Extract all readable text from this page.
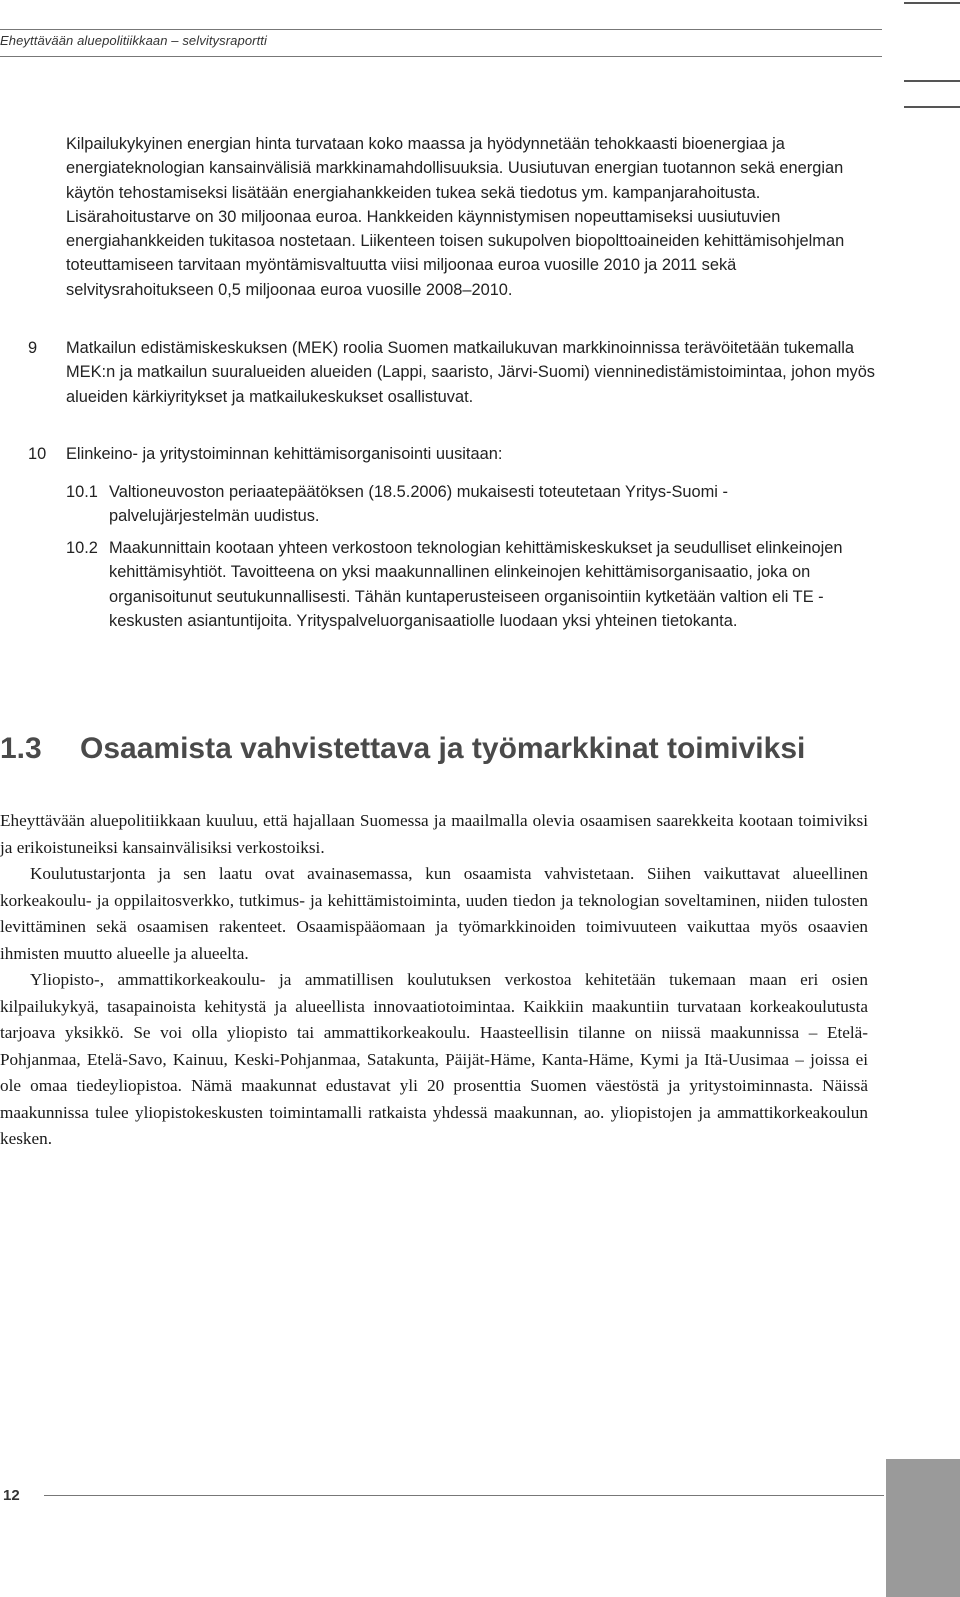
Eheyttävään aluepolitiikkaan – selvitysraportti
Kilpailukykyinen energian hinta turvataan koko maassa ja hyödynnetään tehokkaasti bioenergiaa ja energiateknologian kansainvälisiä markkinamahdollisuuksia. Uusiutuvan energian tuotannon sekä energian käytön tehostamiseksi lisätään energiahankkeiden tukea sekä tiedotus ym. kampanjarahoitusta. Lisärahoitustarve on 30 miljoonaa euroa. Hankkeiden käynnistymisen nopeuttamiseksi uusiutuvien energiahankkeiden tukitasoa nostetaan. Liikenteen toisen sukupolven biopolttoaineiden kehittämisohjelman toteuttamiseen tarvitaan myöntämisvaltuutta viisi miljoonaa euroa vuosille 2010 ja 2011 sekä selvitysrahoitukseen 0,5 miljoonaa euroa vuosille 2008–2010.
9	Matkailun edistämiskeskuksen (MEK) roolia Suomen matkailukuvan markkinoinnissa terävöitetään tukemalla MEK:n ja matkailun suuralueiden alueiden (Lappi, saaristo, Järvi-Suomi) vienninedistämistoimintaa, johon myös alueiden kärkiyritykset ja matkailukeskukset osallistuvat.
10	Elinkeino- ja yritystoiminnan kehittämisorganisointi uusitaan:
10.1 Valtioneuvoston periaatepäätöksen (18.5.2006) mukaisesti toteutetaan Yritys-Suomi -palvelujärjestelmän uudistus.
10.2 Maakunnittain kootaan yhteen verkostoon teknologian kehittämiskeskukset ja seudulliset elinkeinojen kehittämisyhtiöt. Tavoitteena on yksi maakunnallinen elinkeinojen kehittämisorganisaatio, joka on organisoitunut seutukunnallisesti. Tähän kuntaperusteiseen organisointiin kytketään valtion eli TE -keskusten asiantuntijoita. Yrityspalveluorganisaatiolle luodaan yksi yhteinen tietokanta.
1.3	Osaamista vahvistettava ja työmarkkinat toimiviksi

Eheyttävään aluepolitiikkaan kuuluu, että hajallaan Suomessa ja maailmalla olevia osaamisen saarekkeita kootaan toimiviksi ja erikoistuneiksi kansainvälisiksi verkostoiksi.

Koulutustarjonta ja sen laatu ovat avainasemassa, kun osaamista vahvistetaan. Siihen vaikuttavat alueellinen korkeakoulu- ja oppilaitosverkko, tutkimus- ja kehittämistoiminta, uuden tiedon ja teknologian soveltaminen, niiden tulosten levittäminen sekä osaamisen rakenteet. Osaamispääomaan ja työmarkkinoiden toimivuuteen vaikuttaa myös osaavien ihmisten muutto alueelle ja alueelta.

Yliopisto-, ammattikorkeakoulu- ja ammatillisen koulutuksen verkostoa kehitetään tukemaan maan eri osien kilpailukykyä, tasapainoista kehitystä ja alueellista innovaatiotoimintaa. Kaikkiin maakuntiin turvataan korkeakoulutusta tarjoava yksikkö. Se voi olla yliopisto tai ammattikorkeakoulu. Haasteellisin tilanne on niissä maakunnissa – Etelä-Pohjanmaa, Etelä-Savo, Kainuu, Keski-Pohjanmaa, Satakunta, Päijät-Häme, Kanta-Häme, Kymi ja Itä-Uusimaa – joissa ei ole omaa tiedeyliopistoa. Nämä maakunnat edustavat yli 20 prosenttia Suomen väestöstä ja yritystoiminnasta. Näissä maakunnissa tulee yliopistokeskusten toimintamalli ratkaista yhdessä maakunnan, ao. yliopistojen ja ammattikorkeakoulun kesken.

12
